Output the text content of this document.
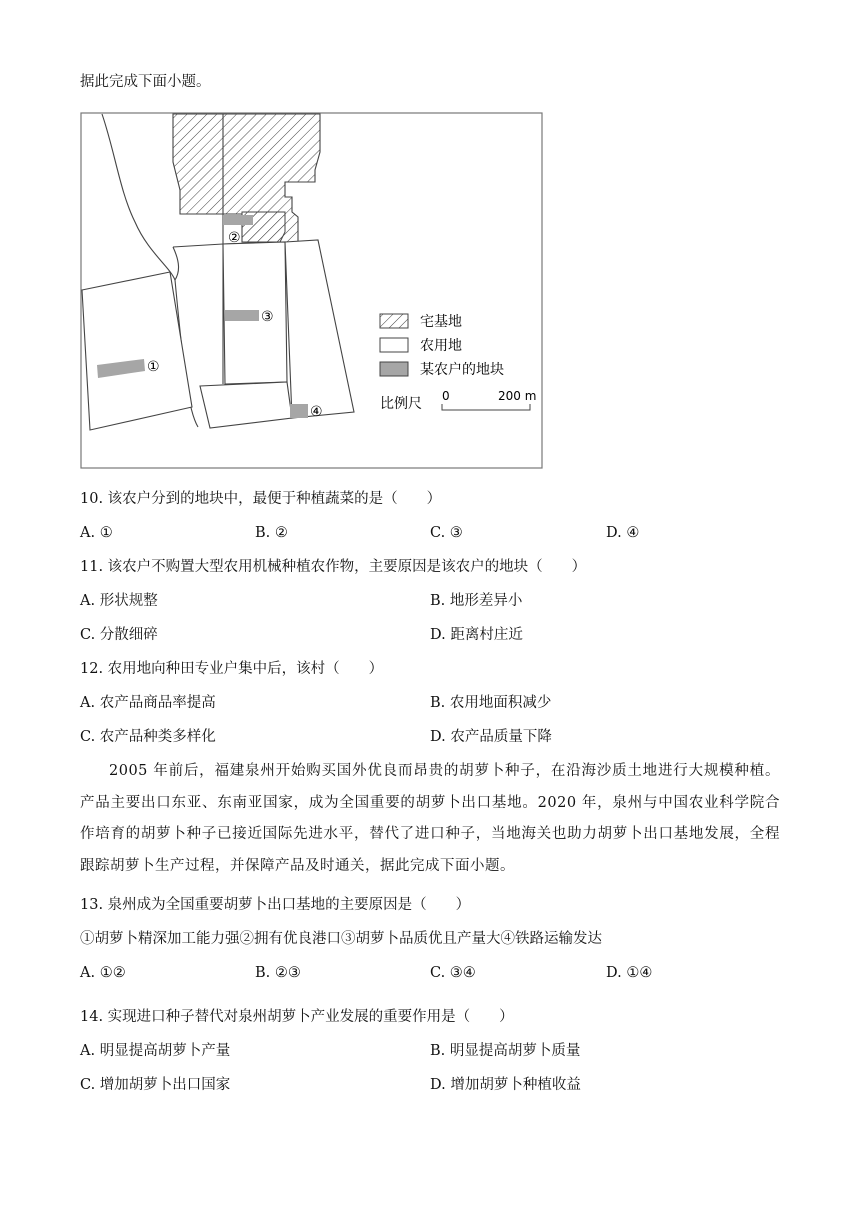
据此完成下面小题。
②
③
①
④
宅基地
农用地
某农户的地块
比例尺 0	200 m
10. 该农户分到的地块中，最便于种植蔬菜的是（　　）
A. ①	B. ②	C. ③	D. ④
11. 该农户不购置大型农用机械种植农作物，主要原因是该农户的地块（　　）
A. 形状规整	B. 地形差异小
C. 分散细碎	D. 距离村庄近
12. 农用地向种田专业户集中后，该村（　　）
A. 农产品商品率提高	B. 农用地面积减少
C. 农产品种类多样化	D. 农产品质量下降
2005 年前后，福建泉州开始购买国外优良而昂贵的胡萝卜种子，在沿海沙质土地进行大规模种植。产品主要出口东亚、东南亚国家，成为全国重要的胡萝卜出口基地。2020 年，泉州与中国农业科学院合作培育的胡萝卜种子已接近国际先进水平，替代了进口种子，当地海关也助力胡萝卜出口基地发展，全程跟踪胡萝卜生产过程，并保障产品及时通关，据此完成下面小题。
13. 泉州成为全国重要胡萝卜出口基地的主要原因是（　　）
①胡萝卜精深加工能力强②拥有优良港口③胡萝卜品质优且产量大④铁路运输发达
A. ①②	B. ②③	C. ③④	D. ①④
14. 实现进口种子替代对泉州胡萝卜产业发展的重要作用是（　　）
A. 明显提高胡萝卜产量	B. 明显提高胡萝卜质量
C. 增加胡萝卜出口国家	D. 增加胡萝卜种植收益
